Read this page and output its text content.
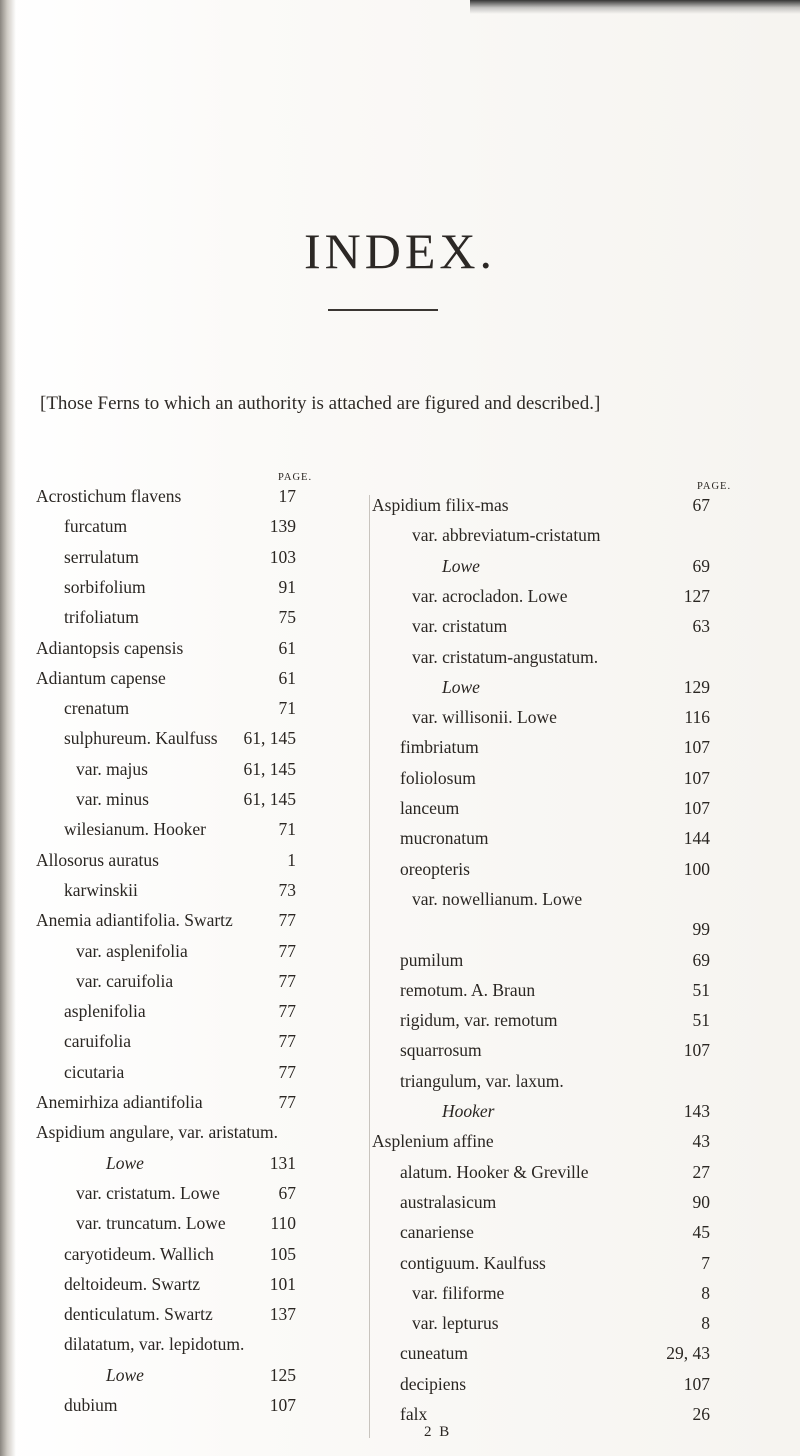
INDEX.
[Those Ferns to which an authority is attached are figured and described.]
PAGE.
PAGE.
Acrostichum flavens	17
furcatum	139
serrulatum	103
sorbifolium	91
trifoliatum	75
Adiantopsis capensis	61
Adiantum capense	61
crenatum	71
sulphureum. Kaulfuss 61, 145
var. majus	61, 145
var. minus	61, 145
wilesianum. Hooker	71
Allosorus auratus	1
karwinskii	73
Anemia adiantifolia. Swartz	77
var. asplenifolia	77
var. caruifolia	77
asplenifolia	77
caruifolia	77
cicutaria	77
Anemirhiza adiantifolia	77
Aspidium angulare, var. aristatum.
Lowe	131
var. cristatum. Lowe	67
var. truncatum. Lowe	110
caryotideum. Wallich	105
deltoideum. Swartz	101
denticulatum. Swartz	137
dilatatum, var. lepidotum.
Lowe	125
dubium	107
Aspidium filix-mas	67
var. abbreviatum-cristatum
Lowe	69
var. acrocladon. Lowe	127
var. cristatum	63
var. cristatum-angustatum.
Lowe	129
var. willisonii. Lowe	116
fimbriatum	107
foliolosum	107
lanceum	107
mucronatum	144
oreopteris	100
var. nowellianum. Lowe
99
pumilum	69
remotum. A. Braun	51
rigidum, var. remotum	51
squarrosum	107
triangulum, var. laxum.
Hooker	143
Asplenium affine	43
alatum. Hooker & Greville	27
australasicum	90
canariense	45
contiguum. Kaulfuss	7
var. filiforme	8
var. lepturus	8
cuneatum	29, 43
decipiens	107
falx	26
2 B
